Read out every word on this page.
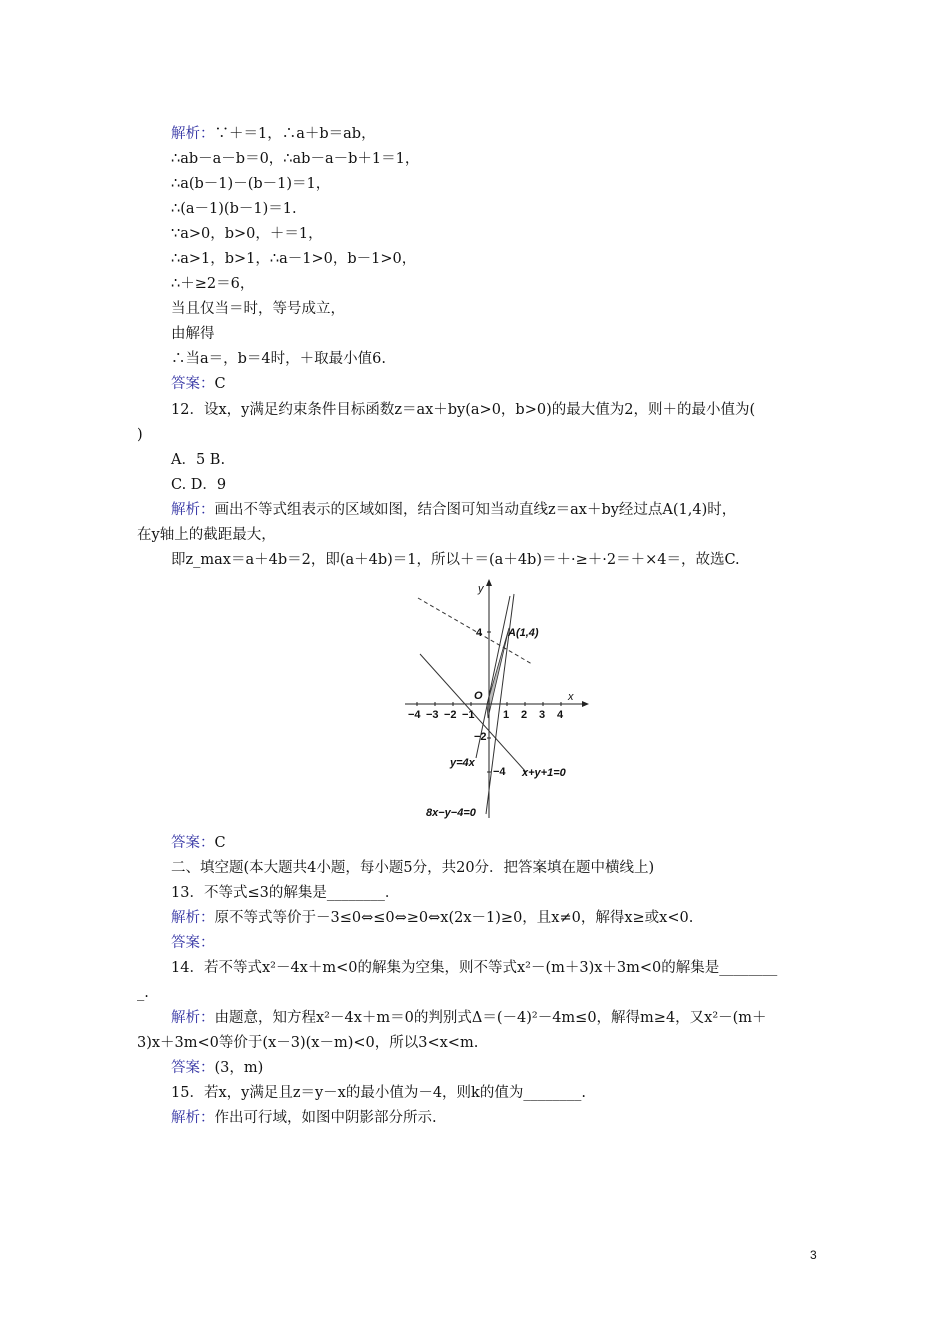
解析：∵＋＝1，∴a＋b＝ab，
∴ab－a－b＝0，∴ab－a－b＋1＝1，
∴a(b－1)－(b－1)＝1，
∴(a－1)(b－1)＝1.
∵a>0，b>0，＋＝1，
∴a>1，b>1，∴a－1>0，b－1>0，
∴＋≥2＝6，
当且仅当＝时，等号成立，
由解得
∴当a＝，b＝4时，＋取最小值6.
答案：C
12．设x，y满足约束条件目标函数z＝ax＋by(a>0，b>0)的最大值为2，则＋的最小值为(
)
A．5 B.
C. D．9
解析：画出不等式组表示的区域如图，结合图可知当动直线z＝ax＋by经过点A(1,4)时，
在y轴上的截距最大，
即z_max＝a＋4b＝2，即(a＋4b)＝1，所以＋＝(a＋4b)＝＋·≥＋·2＝＋×4＝，故选C.
y
x
O
−4 −3 −2 −1	1 2 3 4
4
−2
−4
A(1,4)
y=4x
x+y+1=0
8x−y−4=0
答案：C
二、填空题(本大题共4小题，每小题5分，共20分．把答案填在题中横线上)
13．不等式≤3的解集是________．
解析：原不等式等价于－3≤0⇔≤0⇔≥0⇔x(2x－1)≥0，且x≠0，解得x≥或x<0.
答案：
14．若不等式x²－4x＋m<0的解集为空集，则不等式x²－(m＋3)x＋3m<0的解集是________
_.
解析：由题意，知方程x²－4x＋m＝0的判别式Δ＝(－4)²－4m≤0，解得m≥4，又x²－(m＋
3)x＋3m<0等价于(x－3)(x－m)<0，所以3<x<m.
答案：(3，m)
15．若x，y满足且z＝y－x的最小值为－4，则k的值为________.
解析：作出可行域，如图中阴影部分所示.
3
